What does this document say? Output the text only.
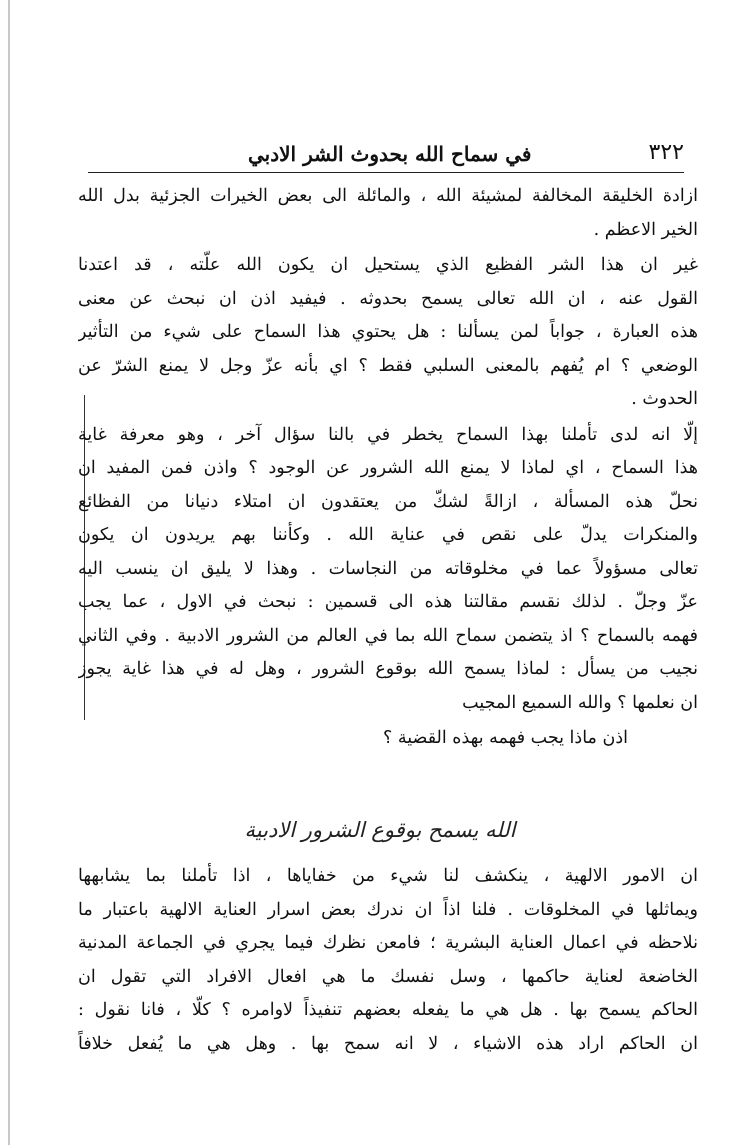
٣٢٢
في سماح الله بحدوث الشر الادبي

ازادة الخليقة المخالفة لمشيئة الله ، والمائلة الى بعض الخيرات الجزئية بدل الله
الخير الاعظم .

غير ان هذا الشر الفظيع الذي يستحيل ان يكون الله علّته ، قد اعتدنا
القول عنه ، ان الله تعالى يسمح بحدوثه . فيفيد اذن ان نبحث عن معنى
هذه العبارة ، جواباً لمن يسألنا : هل يحتوي هذا السماح على شيء من التأثير
الوضعي ؟ ام يُفهم بالمعنى السلبي فقط ؟ اي بأنه عزّ وجل لا يمنع الشرّ عن
الحدوث .

إلّا انه لدى تأملنا بهذا السماح يخطر في بالنا سؤال آخر ، وهو معرفة غاية
هذا السماح ، اي لماذا لا يمنع الله الشرور عن الوجود ؟ واذن فمن المفيد ان
نحلّ هذه المسألة ، ازالةً لشكّ من يعتقدون ان امتلاء دنيانا من الفظائع
والمنكرات يدلّ على نقص في عناية الله . وكأننا بهم يريدون ان يكون
تعالى مسؤولاً عما في مخلوقاته من النجاسات . وهذا لا يليق ان ينسب اليه
عزّ وجلّ . لذلك نقسم مقالتنا هذه الى قسمين : نبحث في الاول ، عما يجب
فهمه بالسماح ؟ اذ يتضمن سماح الله بما في العالم من الشرور الادبية . وفي الثاني
نجيب من يسأل : لماذا يسمح الله بوقوع الشرور ، وهل له في هذا غاية يجوز
ان نعلمها ؟ والله السميع المجيب

اذن ماذا يجب فهمه بهذه القضية ؟

الله يسمح بوقوع الشرور الادبية
ان الامور الالهية ، ينكشف لنا شيء من خفاياها ، اذا تأملنا بما يشابهها
ويماثلها في المخلوقات . فلنا اذاً ان ندرك بعض اسرار العناية الالهية باعتبار ما
نلاحظه في اعمال العناية البشرية ؛ فامعن نظرك فيما يجري في الجماعة المدنية
الخاضعة لعناية حاكمها ، وسل نفسك ما هي افعال الافراد التي تقول ان
الحاكم يسمح بها . هل هي ما يفعله بعضهم تنفيذاً لاوامره ؟ كلّا ، فانا نقول :
ان الحاكم اراد هذه الاشياء ، لا انه سمح بها . وهل هي ما يُفعل خلافاً
